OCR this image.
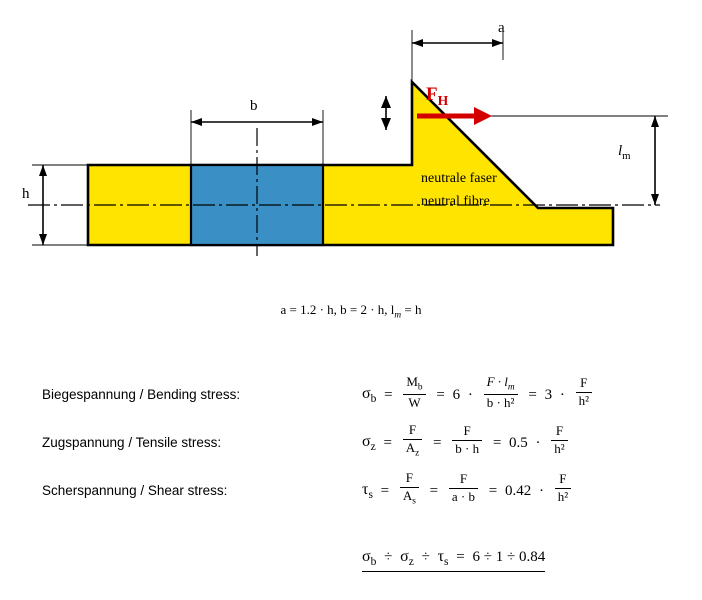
a
b
h
$l_m$
$F_H$
neutrale faser
neutral fibre
a = 1.2 · h, b = 2 · h, $l_m = h$
Biegespannung / Bending stress:	$\sigma_b = \frac{M_b}{W} = 6 \cdot \frac{F \cdot l_m}{\text{b · h²}} = 3 \cdot \frac{F}{\text{h²}}$
Zugspannung / Tensile stress:	$\sigma_z = \frac{F}{A_z} = \frac{F}{b \cdot h} = 0.5 \cdot \frac{F}{\text{h²}}$
Scherspannung / Shear stress:	$\tau_s = \frac{F}{A_s} = \frac{F}{a \cdot b} = 0.42 \cdot \frac{F}{\text{h²}}$
$\sigma_b \div \sigma_z \div \tau_s = 6 \div 1 \div 0.84$
